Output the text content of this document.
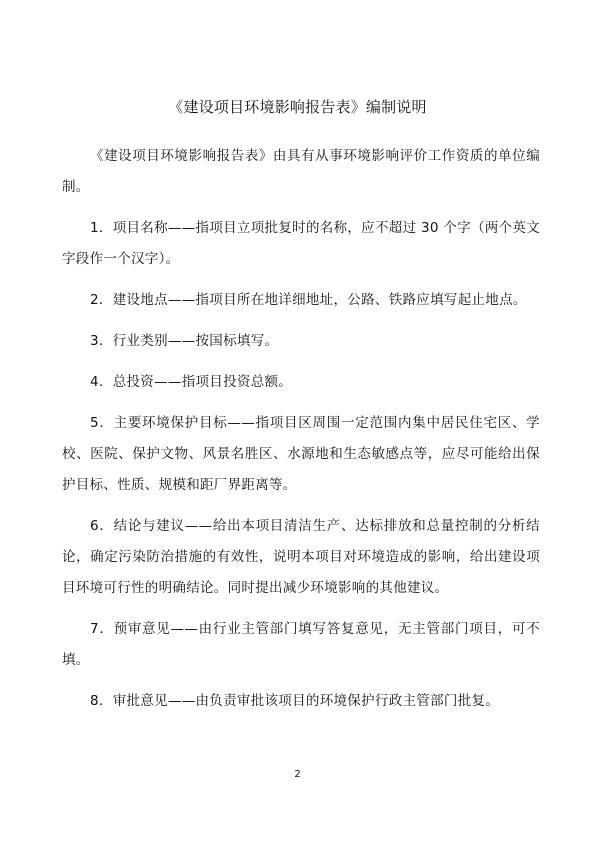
《建设项目环境影响报告表》编制说明

《建设项目环境影响报告表》由具有从事环境影响评价工作资质的单位编制。

1．项目名称——指项目立项批复时的名称，应不超过 30 个字（两个英文字段作一个汉字）。

2．建设地点——指项目所在地详细地址，公路、铁路应填写起止地点。

3．行业类别——按国标填写。

4．总投资——指项目投资总额。

5．主要环境保护目标——指项目区周围一定范围内集中居民住宅区、学校、医院、保护文物、风景名胜区、水源地和生态敏感点等，应尽可能给出保护目标、性质、规模和距厂界距离等。

6．结论与建议——给出本项目清洁生产、达标排放和总量控制的分析结论，确定污染防治措施的有效性，说明本项目对环境造成的影响，给出建设项目环境可行性的明确结论。同时提出减少环境影响的其他建议。

7．预审意见——由行业主管部门填写答复意见，无主管部门项目，可不填。

8．审批意见——由负责审批该项目的环境保护行政主管部门批复。

2
